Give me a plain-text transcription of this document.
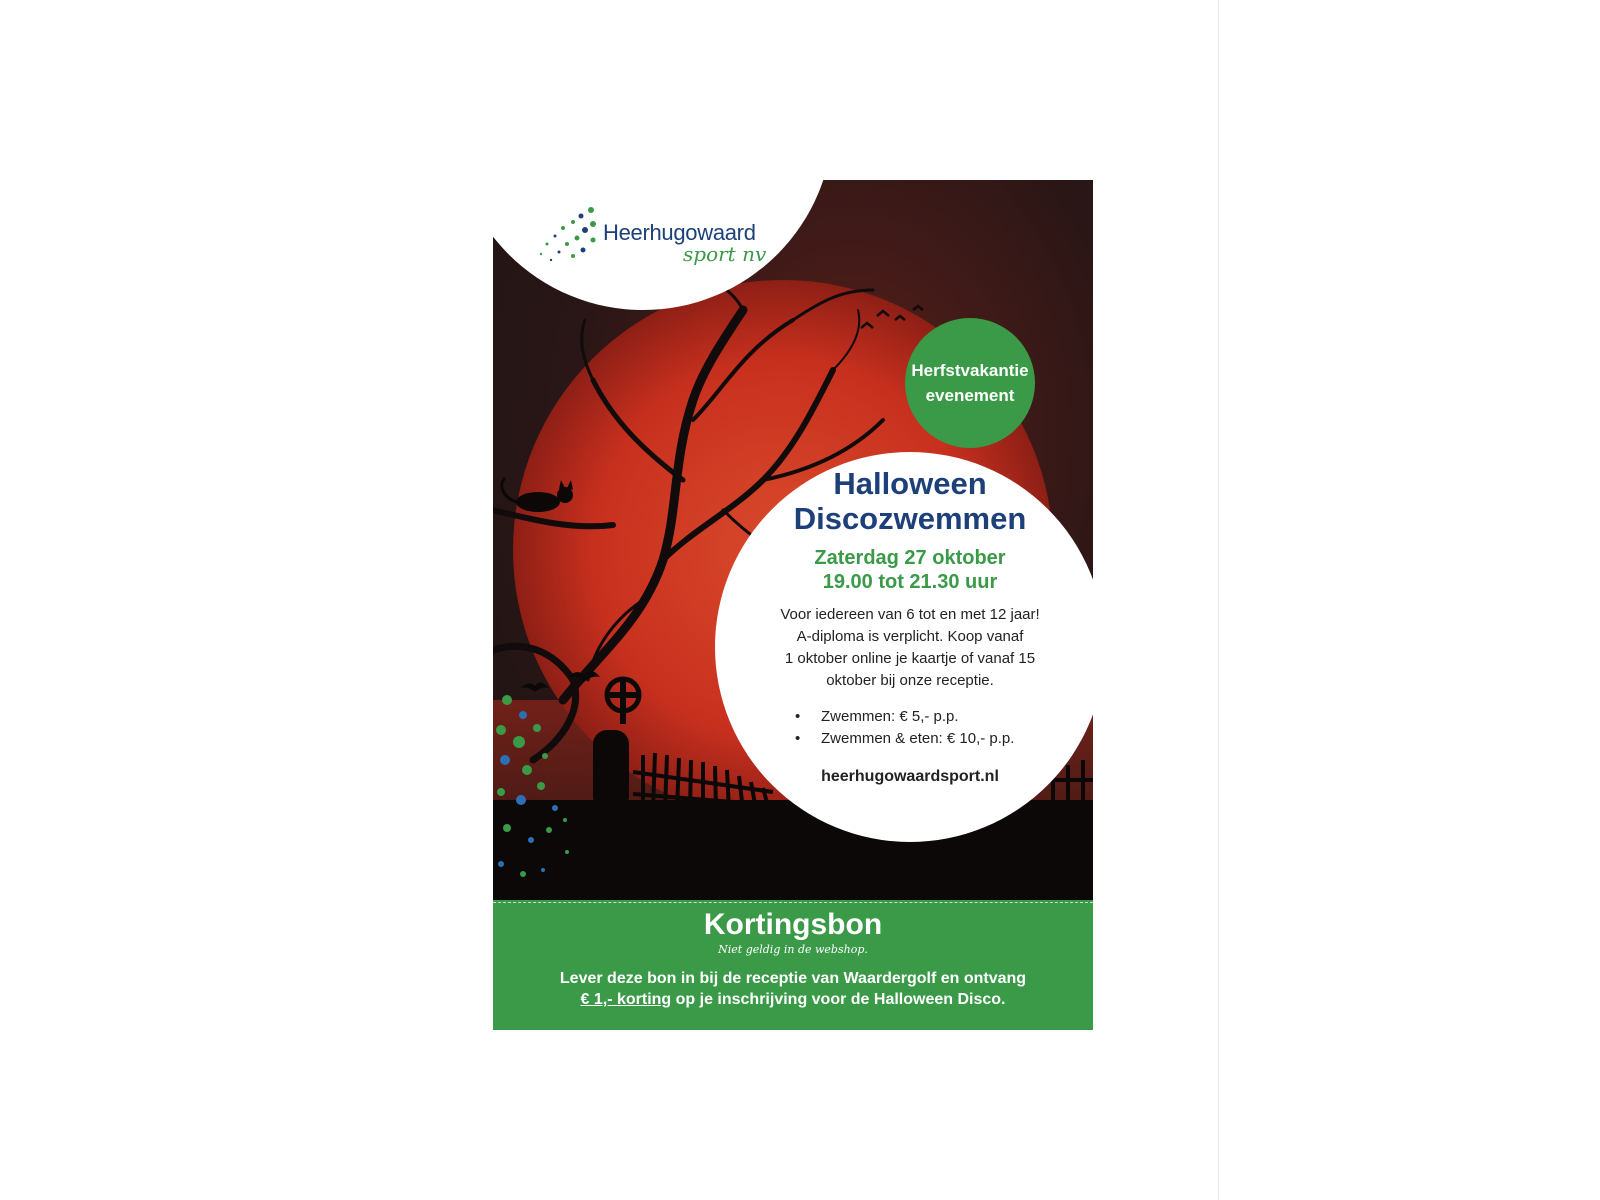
Heerhugowaard
sport nv
Herfstvakantie
evenement
Halloween
Discozwemmen
Zaterdag 27 oktober
19.00 tot 21.30 uur
Voor iedereen van 6 tot en met 12 jaar!
A-diploma is verplicht. Koop vanaf
1 oktober online je kaartje of vanaf 15
oktober bij onze receptie.
• Zwemmen: € 5,- p.p.
• Zwemmen & eten: € 10,- p.p.
heerhugowaardsport.nl
Kortingsbon
Niet geldig in de webshop.
Lever deze bon in bij de receptie van Waardergolf en ontvang
€ 1,- korting op je inschrijving voor de Halloween Disco.
